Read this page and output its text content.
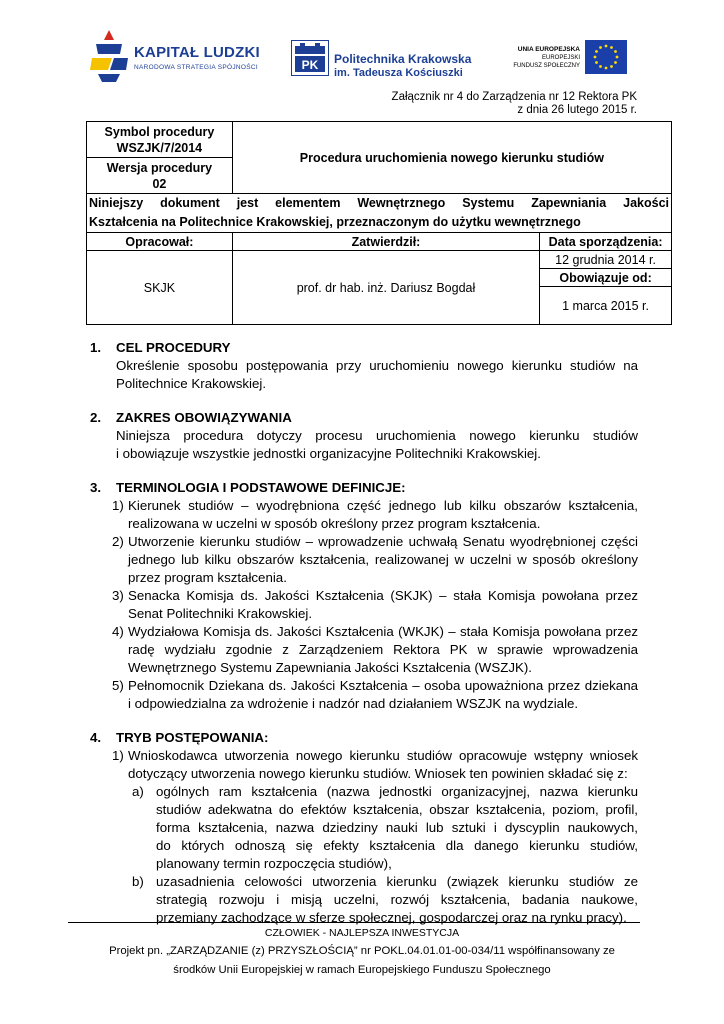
KAPITAŁ LUDZKI
NARODOWA STRATEGIA SPÓJNOŚCI	PK Politechnika Krakowska
im. Tadeusza Kościuszki
UNIA EUROPEJSKA
EUROPEJSKI
FUNDUSZ SPOŁECZNY
Załącznik nr 4 do Zarządzenia nr 12 Rektora PK
z dnia 26 lutego 2015 r.
Symbol procedury
WSZJK/7/2014	Procedura uruchomienia nowego kierunku studiów	

Wersja procedury
02		

Niniejszy dokument jest elementem Wewnętrznego Systemu Zapewniania Jakości
Kształcenia na Politechnice Krakowskiej, przeznaczonym do użytku wewnętrznego		
Opracował:	Zatwierdził:	Data sporządzenia:
SKJK	prof. dr hab. inż. Dariusz Bogdał	12 grudnia 2014 r.
		Obowiązuje od:
		1 marca 2015 r.
1.	CEL PROCEDURY
Określenie sposobu postępowania przy uruchomieniu nowego kierunku studiów na
Politechnice Krakowskiej.
2.	ZAKRES OBOWIĄZYWANIA
Niniejsza procedura dotyczy procesu uruchomienia nowego kierunku studiów
i obowiązuje wszystkie jednostki organizacyjne Politechniki Krakowskiej.
3.	TERMINOLOGIA I PODSTAWOWE DEFINICJE:
1) Kierunek studiów – wyodrębniona część jednego lub kilku obszarów kształcenia,
realizowana w uczelni w sposób określony przez program kształcenia.
2) Utworzenie kierunku studiów – wprowadzenie uchwałą Senatu wyodrębnionej części
jednego lub kilku obszarów kształcenia, realizowanej w uczelni w sposób określony
przez program kształcenia.
3) Senacka Komisja ds. Jakości Kształcenia (SKJK) – stała Komisja powołana przez
Senat Politechniki Krakowskiej.
4) Wydziałowa Komisja ds. Jakości Kształcenia (WKJK) – stała Komisja powołana przez
radę wydziału zgodnie z Zarządzeniem Rektora PK w sprawie wprowadzenia
Wewnętrznego Systemu Zapewniania Jakości Kształcenia (WSZJK).
5) Pełnomocnik Dziekana ds. Jakości Kształcenia – osoba upoważniona przez dziekana
i odpowiedzialna za wdrożenie i nadzór nad działaniem WSZJK na wydziale.
4.	TRYB POSTĘPOWANIA:
1) Wnioskodawca utworzenia nowego kierunku studiów opracowuje wstępny wniosek
dotyczący utworzenia nowego kierunku studiów. Wniosek ten powinien składać się z:
a) ogólnych ram kształcenia (nazwa jednostki organizacyjnej, nazwa kierunku
studiów adekwatna do efektów kształcenia, obszar kształcenia, poziom, profil,
forma kształcenia, nazwa dziedziny nauki lub sztuki i dyscyplin naukowych,
do których odnoszą się efekty kształcenia dla danego kierunku studiów,
planowany termin rozpoczęcia studiów),
b) uzasadnienia celowości utworzenia kierunku (związek kierunku studiów ze
strategią rozwoju i misją uczelni, rozwój kształcenia, badania naukowe,
przemiany zachodzące w sferze społecznej, gospodarczej oraz na rynku pracy).
CZŁOWIEK - NAJLEPSZA INWESTYCJA
Projekt pn. „ZARZĄDZANIE (z) PRZYSZŁOŚCIĄ” nr POKL.04.01.01-00-034/11 współfinansowany ze
środków Unii Europejskiej w ramach Europejskiego Funduszu Społecznego
